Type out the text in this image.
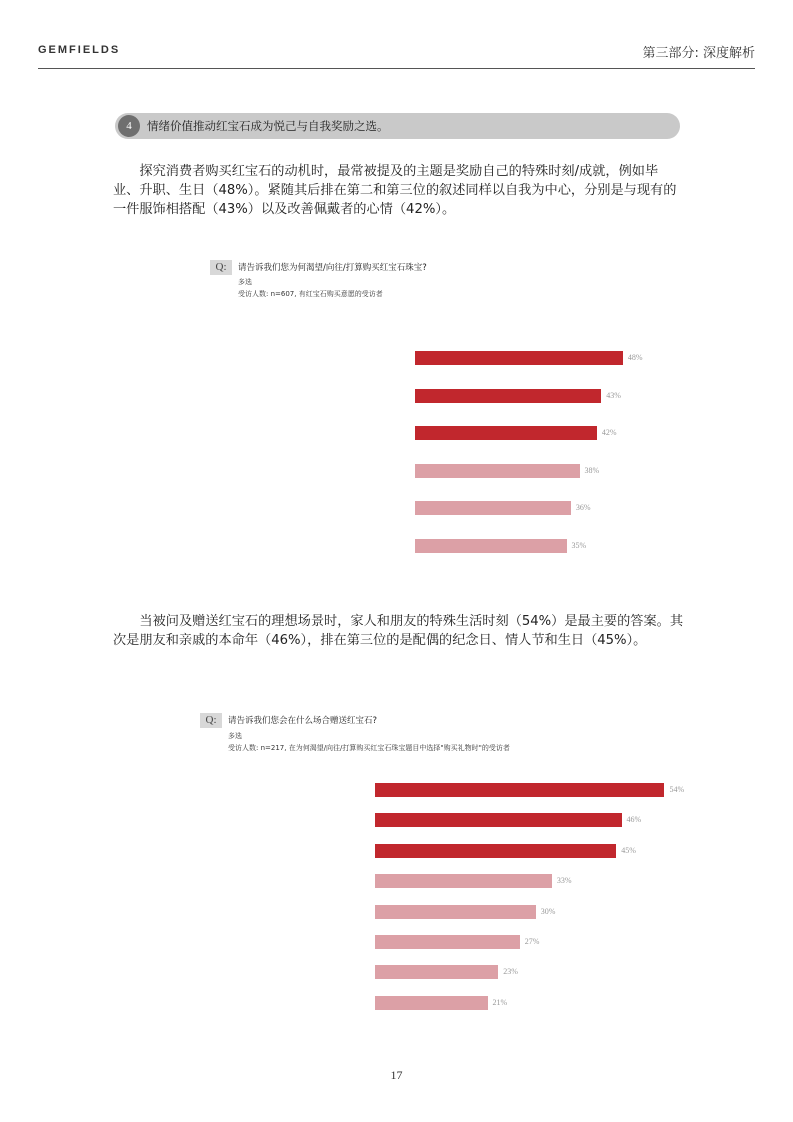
GEMFIELDS	第三部分: 深度解析
4	情绪价值推动红宝石成为悦己与自我奖励之选。

探究消费者购买红宝石的动机时，最常被提及的主题是奖励自己的特殊时刻/成就，例如毕业、升职、生日（48%）。紧随其后排在第二和第三位的叙述同样以自我为中心，分别是与现有的一件服饰相搭配（43%）以及改善佩戴者的心情（42%）。

Q:	请告诉我们您为何渴望/向往/打算购买红宝石珠宝?
多选
受访人数: n=607, 有红宝石购买意愿的受访者
48%
43%
42%
38%
36%
35%

当被问及赠送红宝石的理想场景时，家人和朋友的特殊生活时刻（54%）是最主要的答案。其次是朋友和亲戚的本命年（46%），排在第三位的是配偶的纪念日、情人节和生日（45%）。

Q:	请告诉我们您会在什么场合赠送红宝石?
多选
受访人数: n=217, 在为何渴望/向往/打算购买红宝石珠宝题目中选择"购买礼物时"的受访者
54%
46%
45%
33%
30%
27%
23%
21%
17
